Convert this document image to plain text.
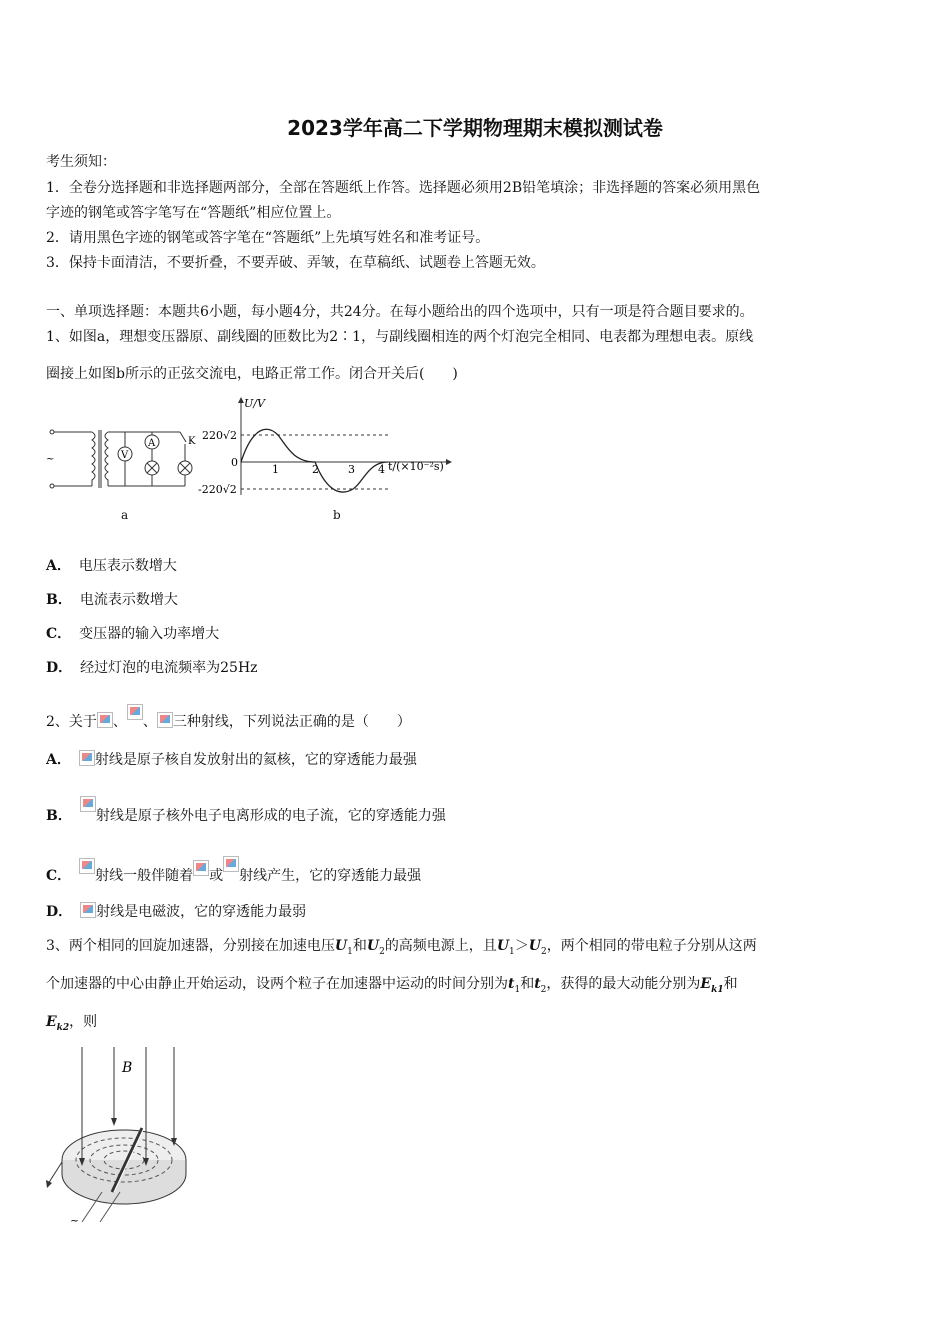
2023学年高二下学期物理期末模拟测试卷
考生须知：
1．全卷分选择题和非选择题两部分，全部在答题纸上作答。选择题必须用2B铅笔填涂；非选择题的答案必须用黑色
字迹的钢笔或答字笔写在“答题纸”相应位置上。
2．请用黑色字迹的钢笔或答字笔在“答题纸”上先填写姓名和准考证号。
3．保持卡面清洁，不要折叠，不要弄破、弄皱，在草稿纸、试题卷上答题无效。
一、单项选择题：本题共6小题，每小题4分，共24分。在每小题给出的四个选项中，只有一项是符合题目要求的。
1、如图a，理想变压器原、副线圈的匝数比为2∶1，与副线圈相连的两个灯泡完全相同、电表都为理想电表。原线
圈接上如图b所示的正弦交流电，电路正常工作。闭合开关后(　　)
~	V
A	K
a
U/V
t/(×10⁻²s)
220√2
-220√2
0
1	2	3 4
b
A． 电压表示数增大
B． 电流表示数增大
C． 变压器的输入功率增大
D． 经过灯泡的电流频率为25Hz
2、关于 、 、 三种射线，下列说法正确的是（　　）
A． 射线是原子核自发放射出的氦核，它的穿透能力最强
B． 射线是原子核外电子电离形成的电子流，它的穿透能力强
C． 射线一般伴随着 或 射线产生，它的穿透能力最强
D． 射线是电磁波，它的穿透能力最弱
3、两个相同的回旋加速器，分别接在加速电压$U_1$和$U_2$的高频电源上，且$U_1>U_2$，两个相同的带电粒子分别从这两
个加速器的中心由静止开始运动，设两个粒子在加速器中运动的时间分别为$t_1$和$t_2$，获得的最大动能分别为$E_{k1}$和
$E_{k2}$，则
B
~
